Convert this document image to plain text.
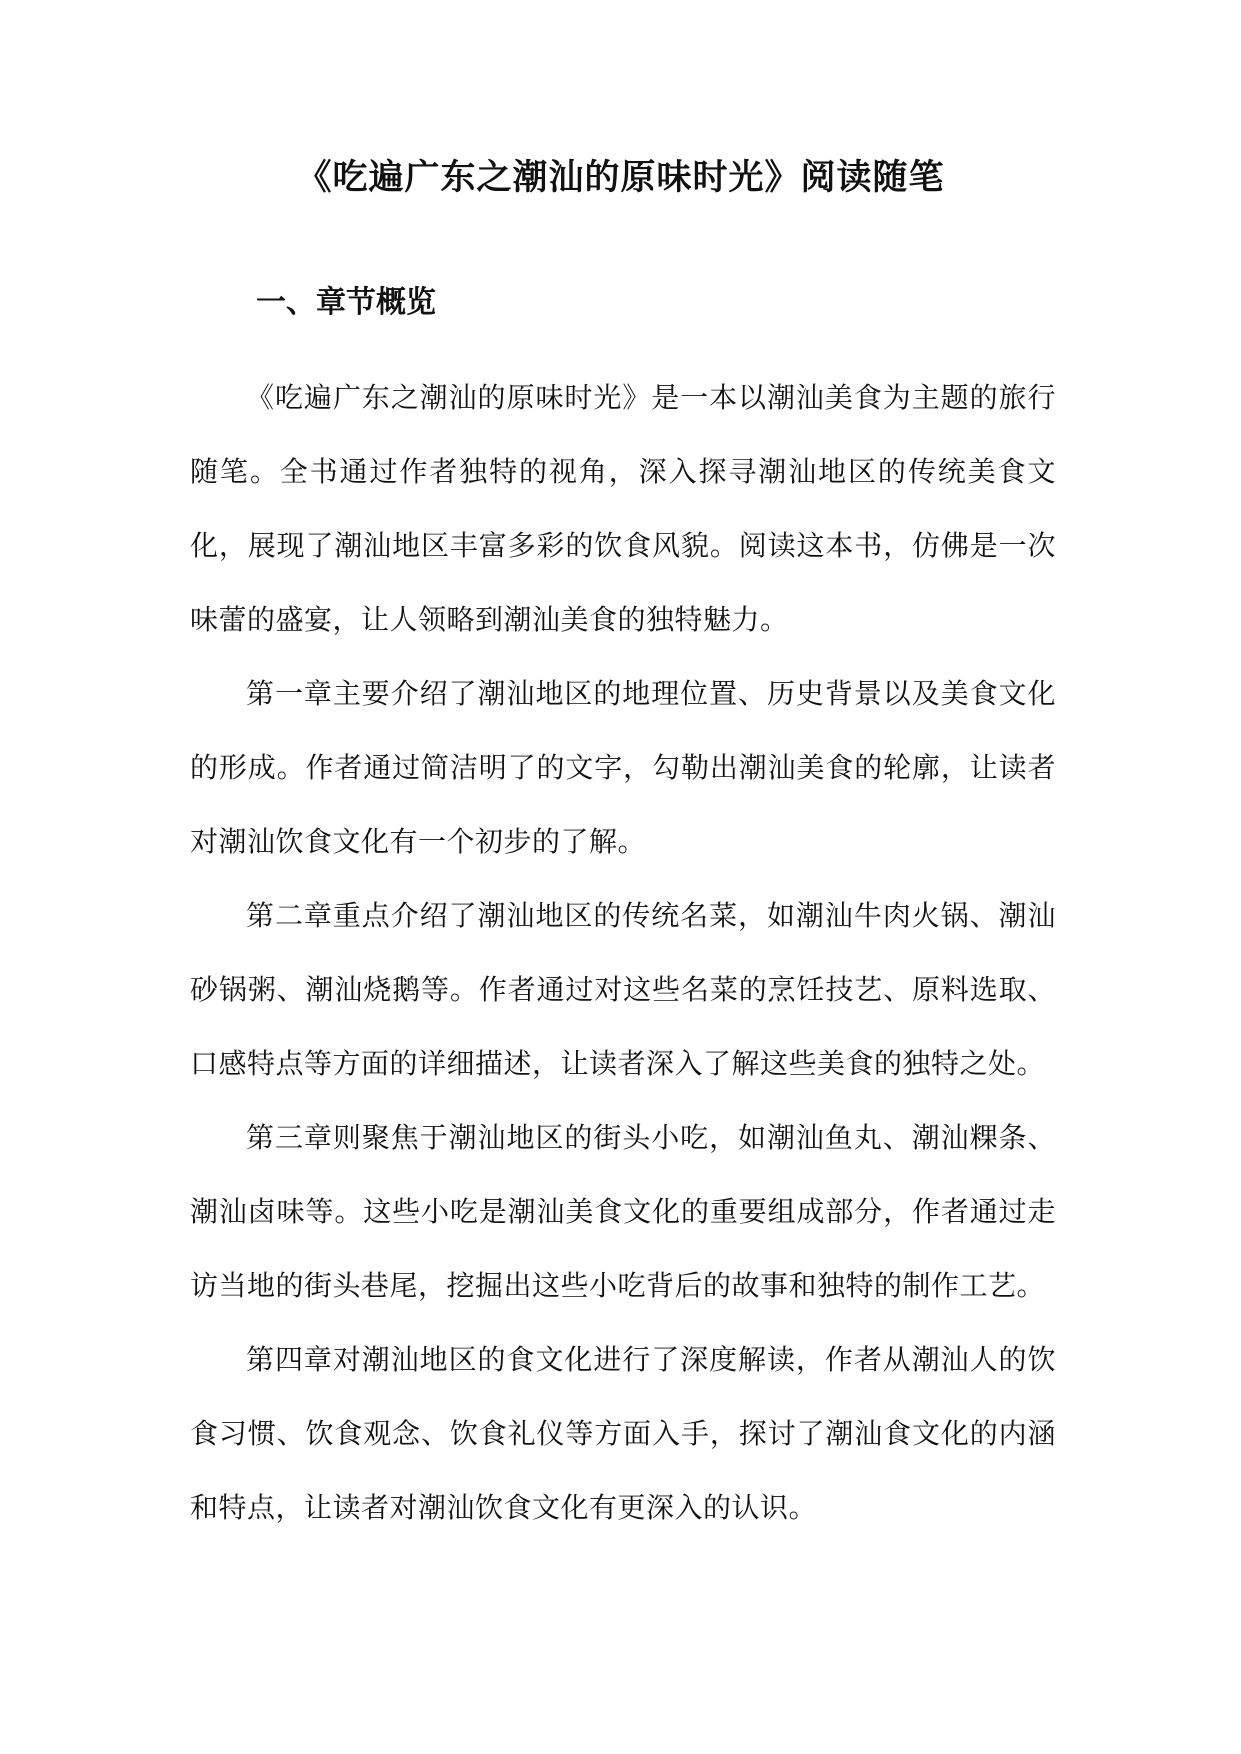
《吃遍广东之潮汕的原味时光》阅读随笔
一、章节概览

《吃遍广东之潮汕的原味时光》是一本以潮汕美食为主题的旅行随笔。全书通过作者独特的视角，深入探寻潮汕地区的传统美食文化，展现了潮汕地区丰富多彩的饮食风貌。阅读这本书，仿佛是一次味蕾的盛宴，让人领略到潮汕美食的独特魅力。

第一章主要介绍了潮汕地区的地理位置、历史背景以及美食文化的形成。作者通过简洁明了的文字，勾勒出潮汕美食的轮廓，让读者对潮汕饮食文化有一个初步的了解。

第二章重点介绍了潮汕地区的传统名菜，如潮汕牛肉火锅、潮汕砂锅粥、潮汕烧鹅等。作者通过对这些名菜的烹饪技艺、原料选取、口感特点等方面的详细描述，让读者深入了解这些美食的独特之处。

第三章则聚焦于潮汕地区的街头小吃，如潮汕鱼丸、潮汕粿条、潮汕卤味等。这些小吃是潮汕美食文化的重要组成部分，作者通过走访当地的街头巷尾，挖掘出这些小吃背后的故事和独特的制作工艺。

第四章对潮汕地区的食文化进行了深度解读，作者从潮汕人的饮食习惯、饮食观念、饮食礼仪等方面入手，探讨了潮汕食文化的内涵和特点，让读者对潮汕饮食文化有更深入的认识。
